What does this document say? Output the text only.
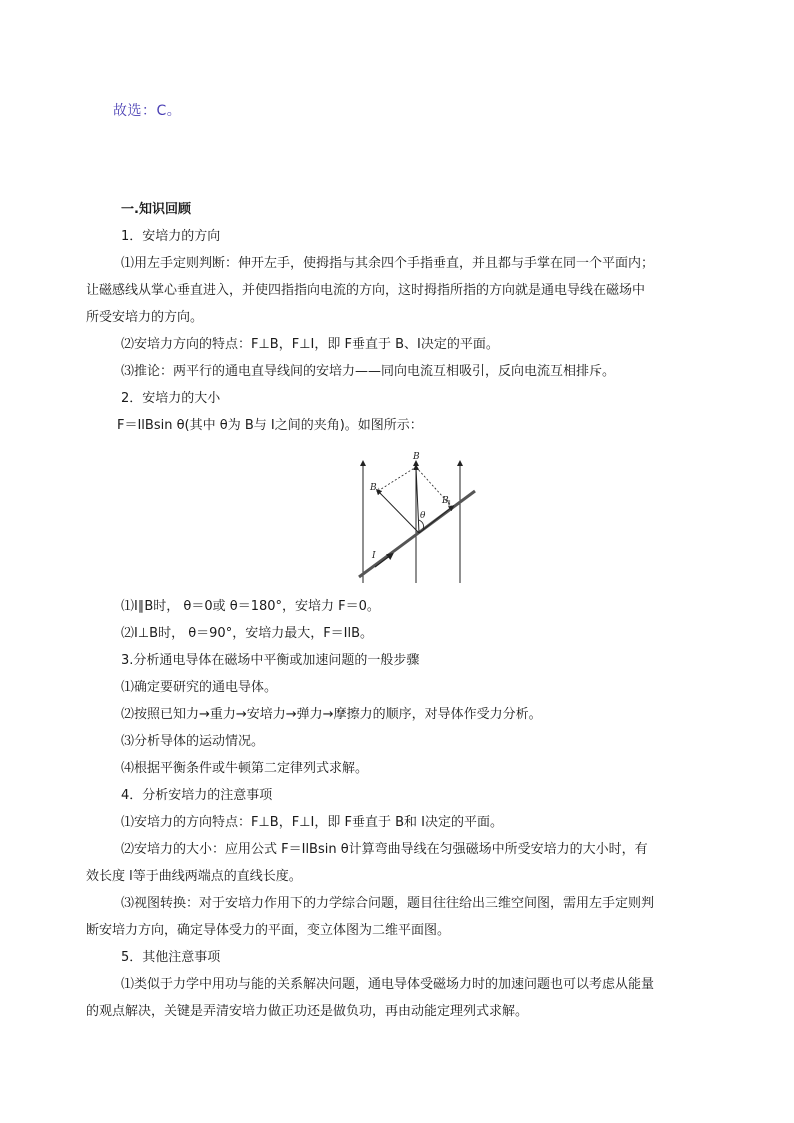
故选：C。

一.知识回顾

1．安培力的方向

⑴用左手定则判断：伸开左手，使拇指与其余四个手指垂直，并且都与手掌在同一个平面内；

让磁感线从掌心垂直进入，并使四指指向电流的方向，这时拇指所指的方向就是通电导线在磁场中

所受安培力的方向。

⑵安培力方向的特点：F⊥B，F⊥I，即 F垂直于 B、I决定的平面。

⑶推论：两平行的通电直导线间的安培力——同向电流互相吸引，反向电流互相排斥。

2．安培力的大小

F＝IlBsin θ(其中 θ为 B与 I之间的夹角)。如图所示：

B
B ⊥
B ∥
θ
I

⑴I∥B时， θ＝0或 θ＝180°，安培力 F＝0。

⑵I⊥B时， θ＝90°，安培力最大，F＝IlB。

3.分析通电导体在磁场中平衡或加速问题的一般步骤

⑴确定要研究的通电导体。

⑵按照已知力→重力→安培力→弹力→摩擦力的顺序，对导体作受力分析。

⑶分析导体的运动情况。

⑷根据平衡条件或牛顿第二定律列式求解。

4．分析安培力的注意事项

⑴安培力的方向特点：F⊥B，F⊥I，即 F垂直于 B和 I决定的平面。

⑵安培力的大小：应用公式 F＝IlBsin θ计算弯曲导线在匀强磁场中所受安培力的大小时，有

效长度 l等于曲线两端点的直线长度。

⑶视图转换：对于安培力作用下的力学综合问题，题目往往给出三维空间图，需用左手定则判

断安培力方向，确定导体受力的平面，变立体图为二维平面图。

5．其他注意事项

⑴类似于力学中用功与能的关系解决问题，通电导体受磁场力时的加速问题也可以考虑从能量

的观点解决，关键是弄清安培力做正功还是做负功，再由动能定理列式求解。
